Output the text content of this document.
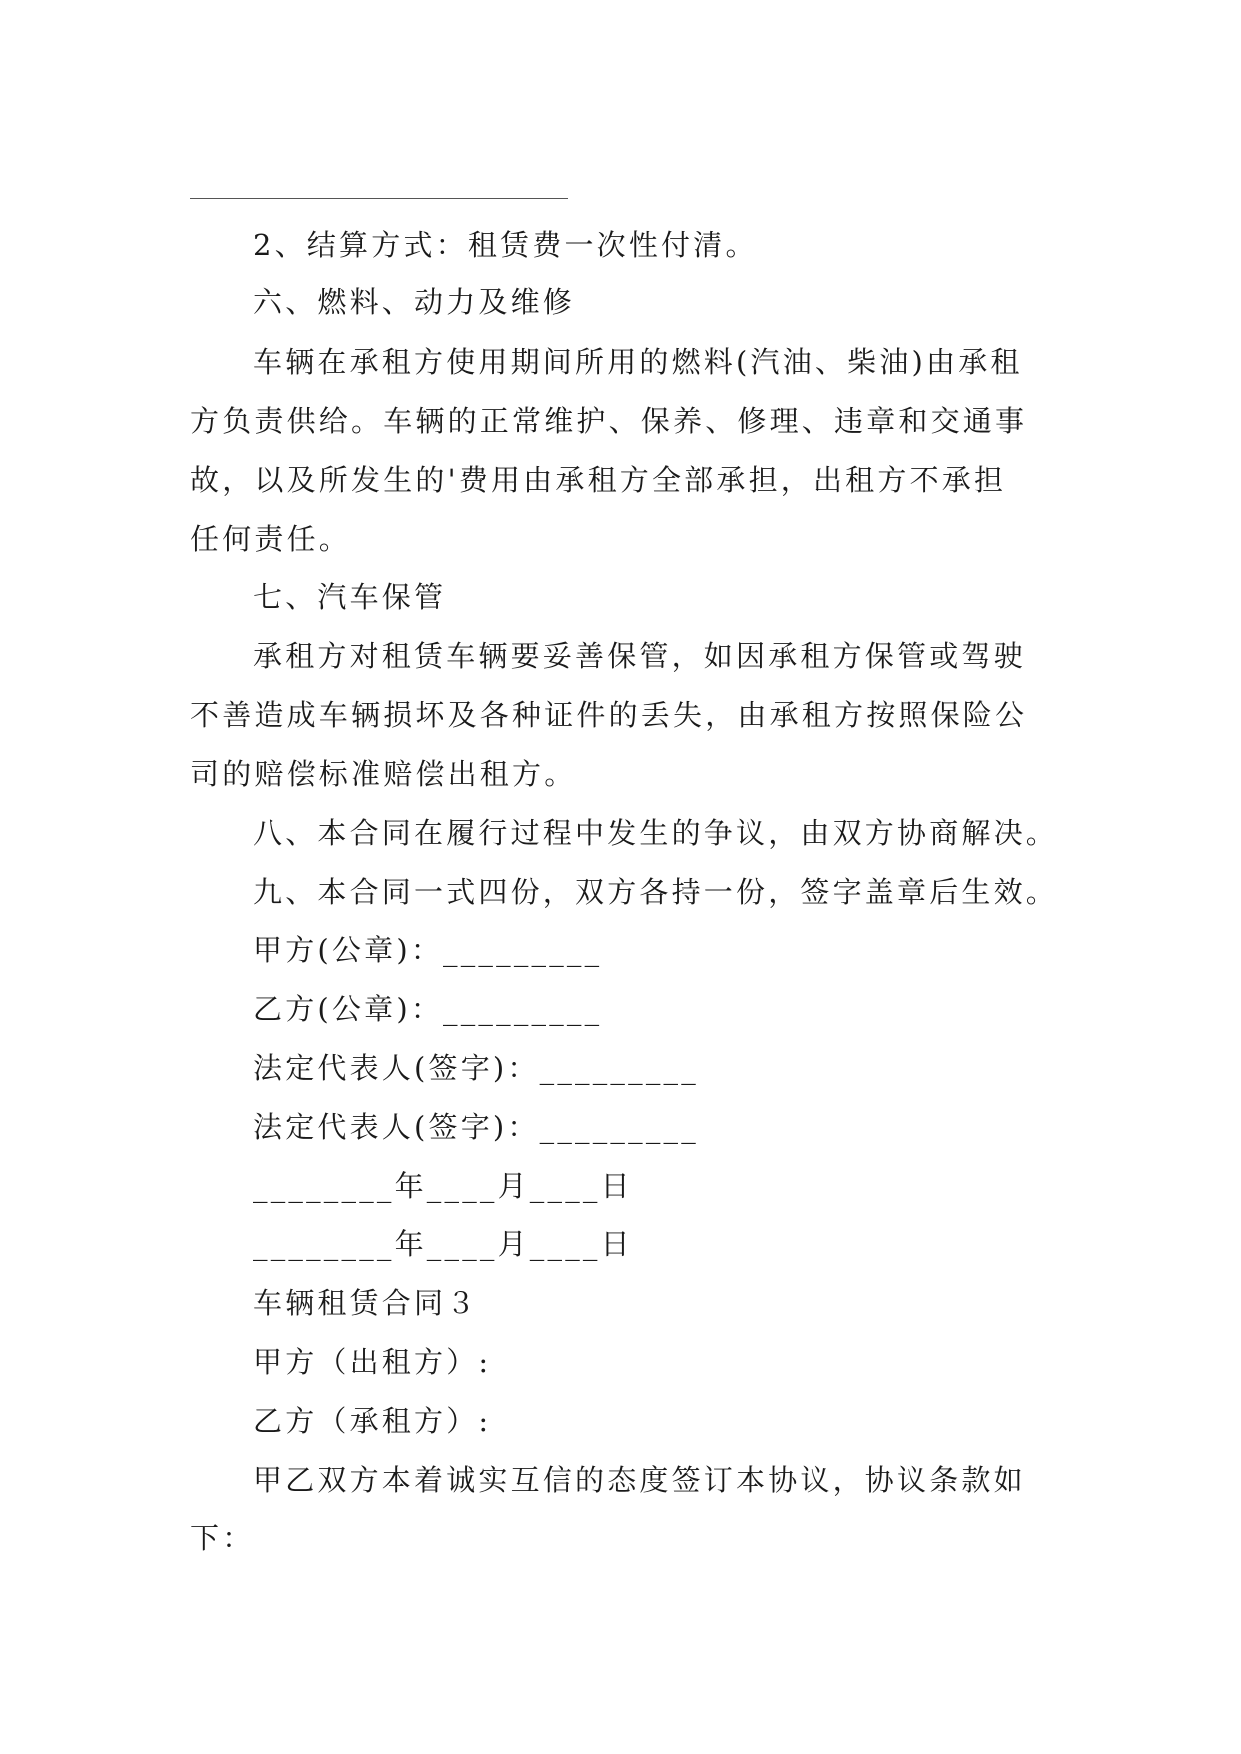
2、结算方式：租赁费一次性付清。
六、燃料、动力及维修
车辆在承租方使用期间所用的燃料(汽油、柴油)由承租
方负责供给。车辆的正常维护、保养、修理、违章和交通事
故，以及所发生的'费用由承租方全部承担，出租方不承担
任何责任。
七、汽车保管
承租方对租赁车辆要妥善保管，如因承租方保管或驾驶
不善造成车辆损坏及各种证件的丢失，由承租方按照保险公
司的赔偿标准赔偿出租方。
八、本合同在履行过程中发生的争议，由双方协商解决。
九、本合同一式四份，双方各持一份，签字盖章后生效。
甲方(公章)：_________
乙方(公章)：_________
法定代表人(签字)：_________
法定代表人(签字)：_________
________年____月____日
________年____月____日
车辆租赁合同３
甲方（出租方）:
乙方（承租方）:
甲乙双方本着诚实互信的态度签订本协议，协议条款如
下：
